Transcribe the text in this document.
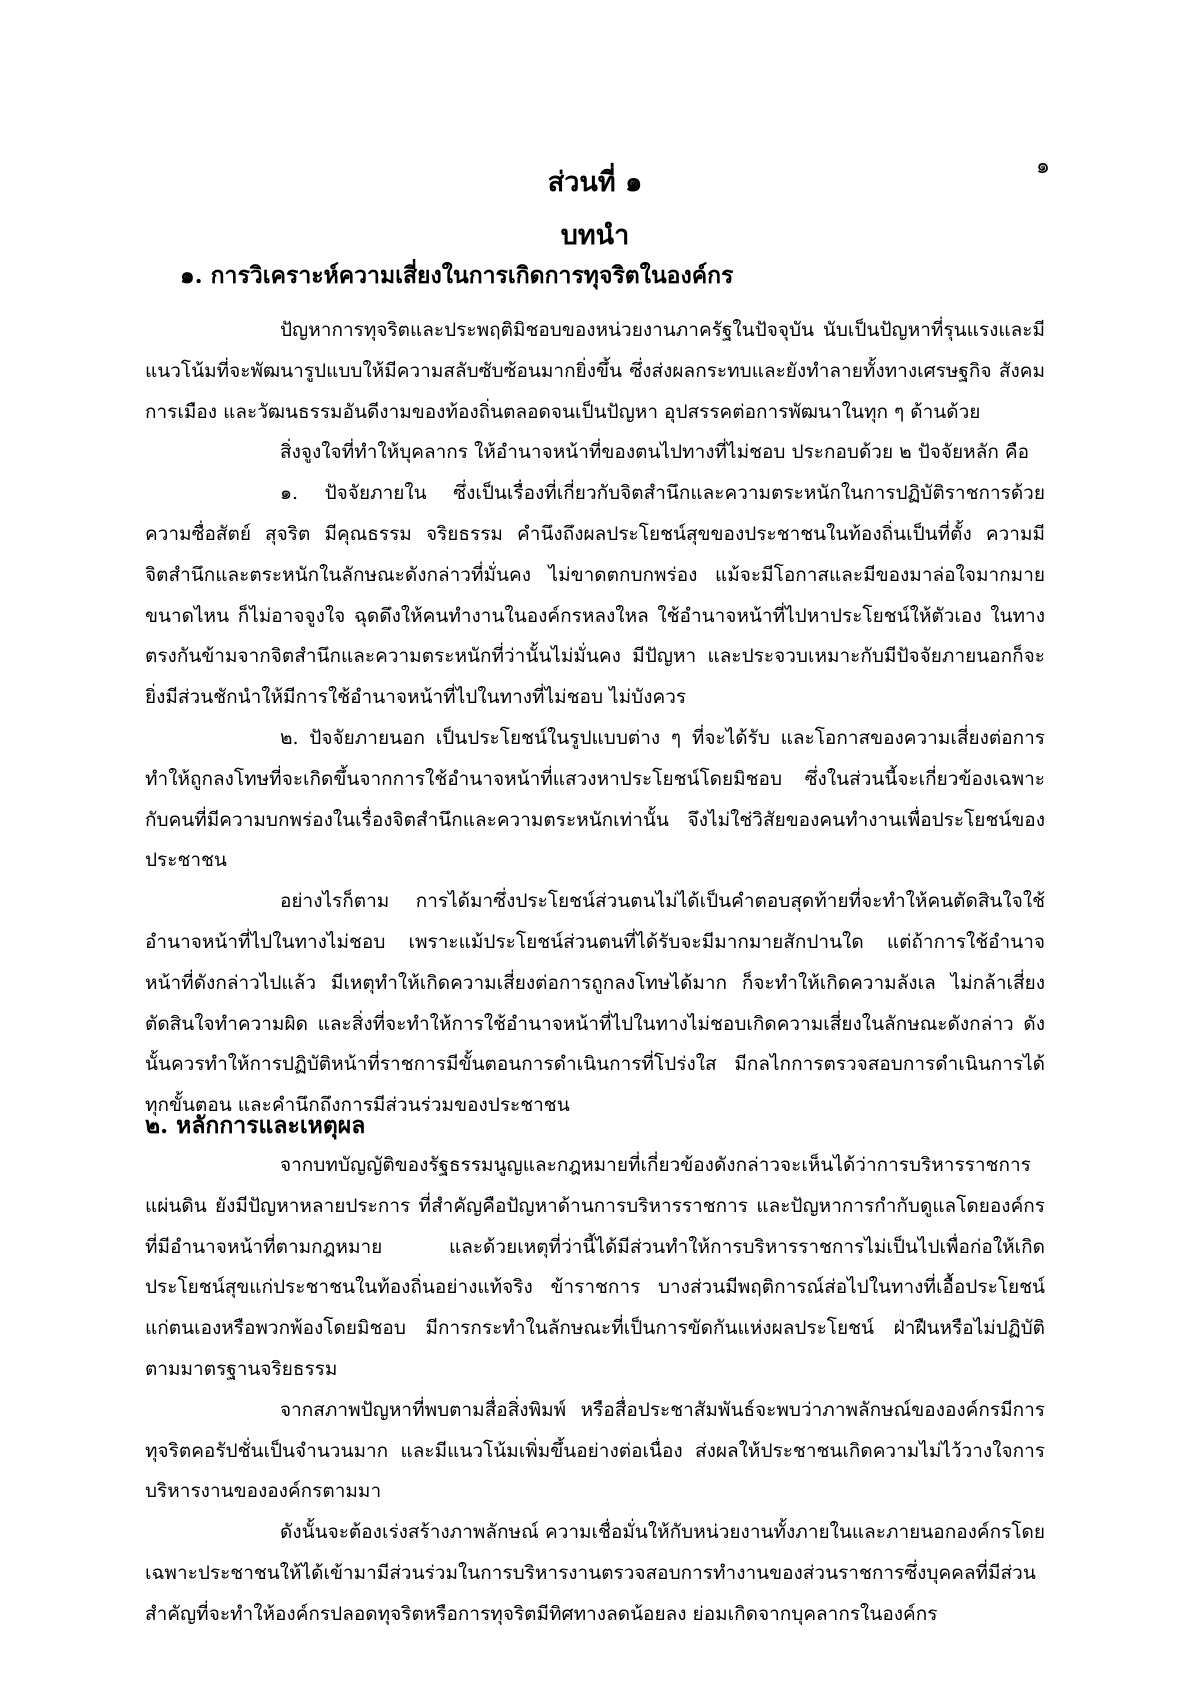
๑
ส่วนที่ ๑
บทนำ
๑. การวิเคราะห์ความเสี่ยงในการเกิดการทุจริตในองค์กร

ปัญหาการทุจริตและประพฤติมิชอบของหน่วยงานภาครัฐในปัจจุบัน นับเป็นปัญหาที่รุนแรงและมีแนวโน้มที่จะพัฒนารูปแบบให้มีความสลับซับซ้อนมากยิ่งขึ้น ซึ่งส่งผลกระทบและยังทำลายทั้งทางเศรษฐกิจ สังคม การเมือง และวัฒนธรรมอันดีงามของท้องถิ่นตลอดจนเป็นปัญหา อุปสรรคต่อการพัฒนาในทุก ๆ ด้านด้วย

สิ่งจูงใจที่ทำให้บุคลากร ให้อำนาจหน้าที่ของตนไปทางที่ไม่ชอบ ประกอบด้วย ๒ ปัจจัยหลัก คือ

๑. ปัจจัยภายใน ซึ่งเป็นเรื่องที่เกี่ยวกับจิตสำนึกและความตระหนักในการปฏิบัติราชการด้วยความซื่อสัตย์ สุจริต มีคุณธรรม จริยธรรม คำนึงถึงผลประโยชน์สุขของประชาชนในท้องถิ่นเป็นที่ตั้ง ความมีจิตสำนึกและตระหนักในลักษณะดังกล่าวที่มั่นคง ไม่ขาดตกบกพร่อง แม้จะมีโอกาสและมีของมาล่อใจมากมายขนาดไหน ก็ไม่อาจจูงใจ ฉุดดึงให้คนทำงานในองค์กรหลงใหล ใช้อำนาจหน้าที่ไปหาประโยชน์ให้ตัวเอง ในทางตรงกันข้ามจากจิตสำนึกและความตระหนักที่ว่านั้นไม่มั่นคง มีปัญหา และประจวบเหมาะกับมีปัจจัยภายนอกก็จะยิ่งมีส่วนชักนำให้มีการใช้อำนาจหน้าที่ไปในทางที่ไม่ชอบ ไม่บังควร

๒. ปัจจัยภายนอก เป็นประโยชน์ในรูปแบบต่าง ๆ ที่จะได้รับ และโอกาสของความเสี่ยงต่อการทำให้ถูกลงโทษที่จะเกิดขึ้นจากการใช้อำนาจหน้าที่แสวงหาประโยชน์โดยมิชอบ ซึ่งในส่วนนี้จะเกี่ยวข้องเฉพาะกับคนที่มีความบกพร่องในเรื่องจิตสำนึกและความตระหนักเท่านั้น จึงไม่ใช่วิสัยของคนทำงานเพื่อประโยชน์ของประชาชน

อย่างไรก็ตาม การได้มาซึ่งประโยชน์ส่วนตนไม่ได้เป็นคำตอบสุดท้ายที่จะทำให้คนตัดสินใจใช้อำนาจหน้าที่ไปในทางไม่ชอบ เพราะแม้ประโยชน์ส่วนตนที่ได้รับจะมีมากมายสักปานใด แต่ถ้าการใช้อำนาจหน้าที่ดังกล่าวไปแล้ว มีเหตุทำให้เกิดความเสี่ยงต่อการถูกลงโทษได้มาก ก็จะทำให้เกิดความลังเล ไม่กล้าเสี่ยงตัดสินใจทำความผิด และสิ่งที่จะทำให้การใช้อำนาจหน้าที่ไปในทางไม่ชอบเกิดความเสี่ยงในลักษณะดังกล่าว ดังนั้นควรทำให้การปฏิบัติหน้าที่ราชการมีขั้นตอนการดำเนินการที่โปร่งใส มีกลไกการตรวจสอบการดำเนินการได้ทุกขั้นตอน และคำนึกถึงการมีส่วนร่วมของประชาชน

๒. หลักการและเหตุผล

จากบทบัญญัติของรัฐธรรมนูญและกฎหมายที่เกี่ยวข้องดังกล่าวจะเห็นได้ว่าการบริหารราชการแผ่นดิน ยังมีปัญหาหลายประการ ที่สำคัญคือปัญหาด้านการบริหารราชการ และปัญหาการกำกับดูแลโดยองค์กรที่มีอำนาจหน้าที่ตามกฎหมาย และด้วยเหตุที่ว่านี้ได้มีส่วนทำให้การบริหารราชการไม่เป็นไปเพื่อก่อให้เกิดประโยชน์สุขแก่ประชาชนในท้องถิ่นอย่างแท้จริง ข้าราชการ บางส่วนมีพฤติการณ์ส่อไปในทางที่เอื้อประโยชน์แก่ตนเองหรือพวกพ้องโดยมิชอบ มีการกระทำในลักษณะที่เป็นการขัดกันแห่งผลประโยชน์ ฝ่าฝืนหรือไม่ปฏิบัติตามมาตรฐานจริยธรรม

จากสภาพปัญหาที่พบตามสื่อสิ่งพิมพ์ หรือสื่อประชาสัมพันธ์จะพบว่าภาพลักษณ์ขององค์กรมีการทุจริตคอรัปชั่นเป็นจำนวนมาก และมีแนวโน้มเพิ่มขึ้นอย่างต่อเนื่อง ส่งผลให้ประชาชนเกิดความไม่ไว้วางใจการบริหารงานขององค์กรตามมา

ดังนั้นจะต้องเร่งสร้างภาพลักษณ์ ความเชื่อมั่นให้กับหน่วยงานทั้งภายในและภายนอกองค์กรโดยเฉพาะประชาชนให้ได้เข้ามามีส่วนร่วมในการบริหารงานตรวจสอบการทำงานของส่วนราชการซึ่งบุคคลที่มีส่วนสำคัญที่จะทำให้องค์กรปลอดทุจริตหรือการทุจริตมีทิศทางลดน้อยลง ย่อมเกิดจากบุคลากรในองค์กร
